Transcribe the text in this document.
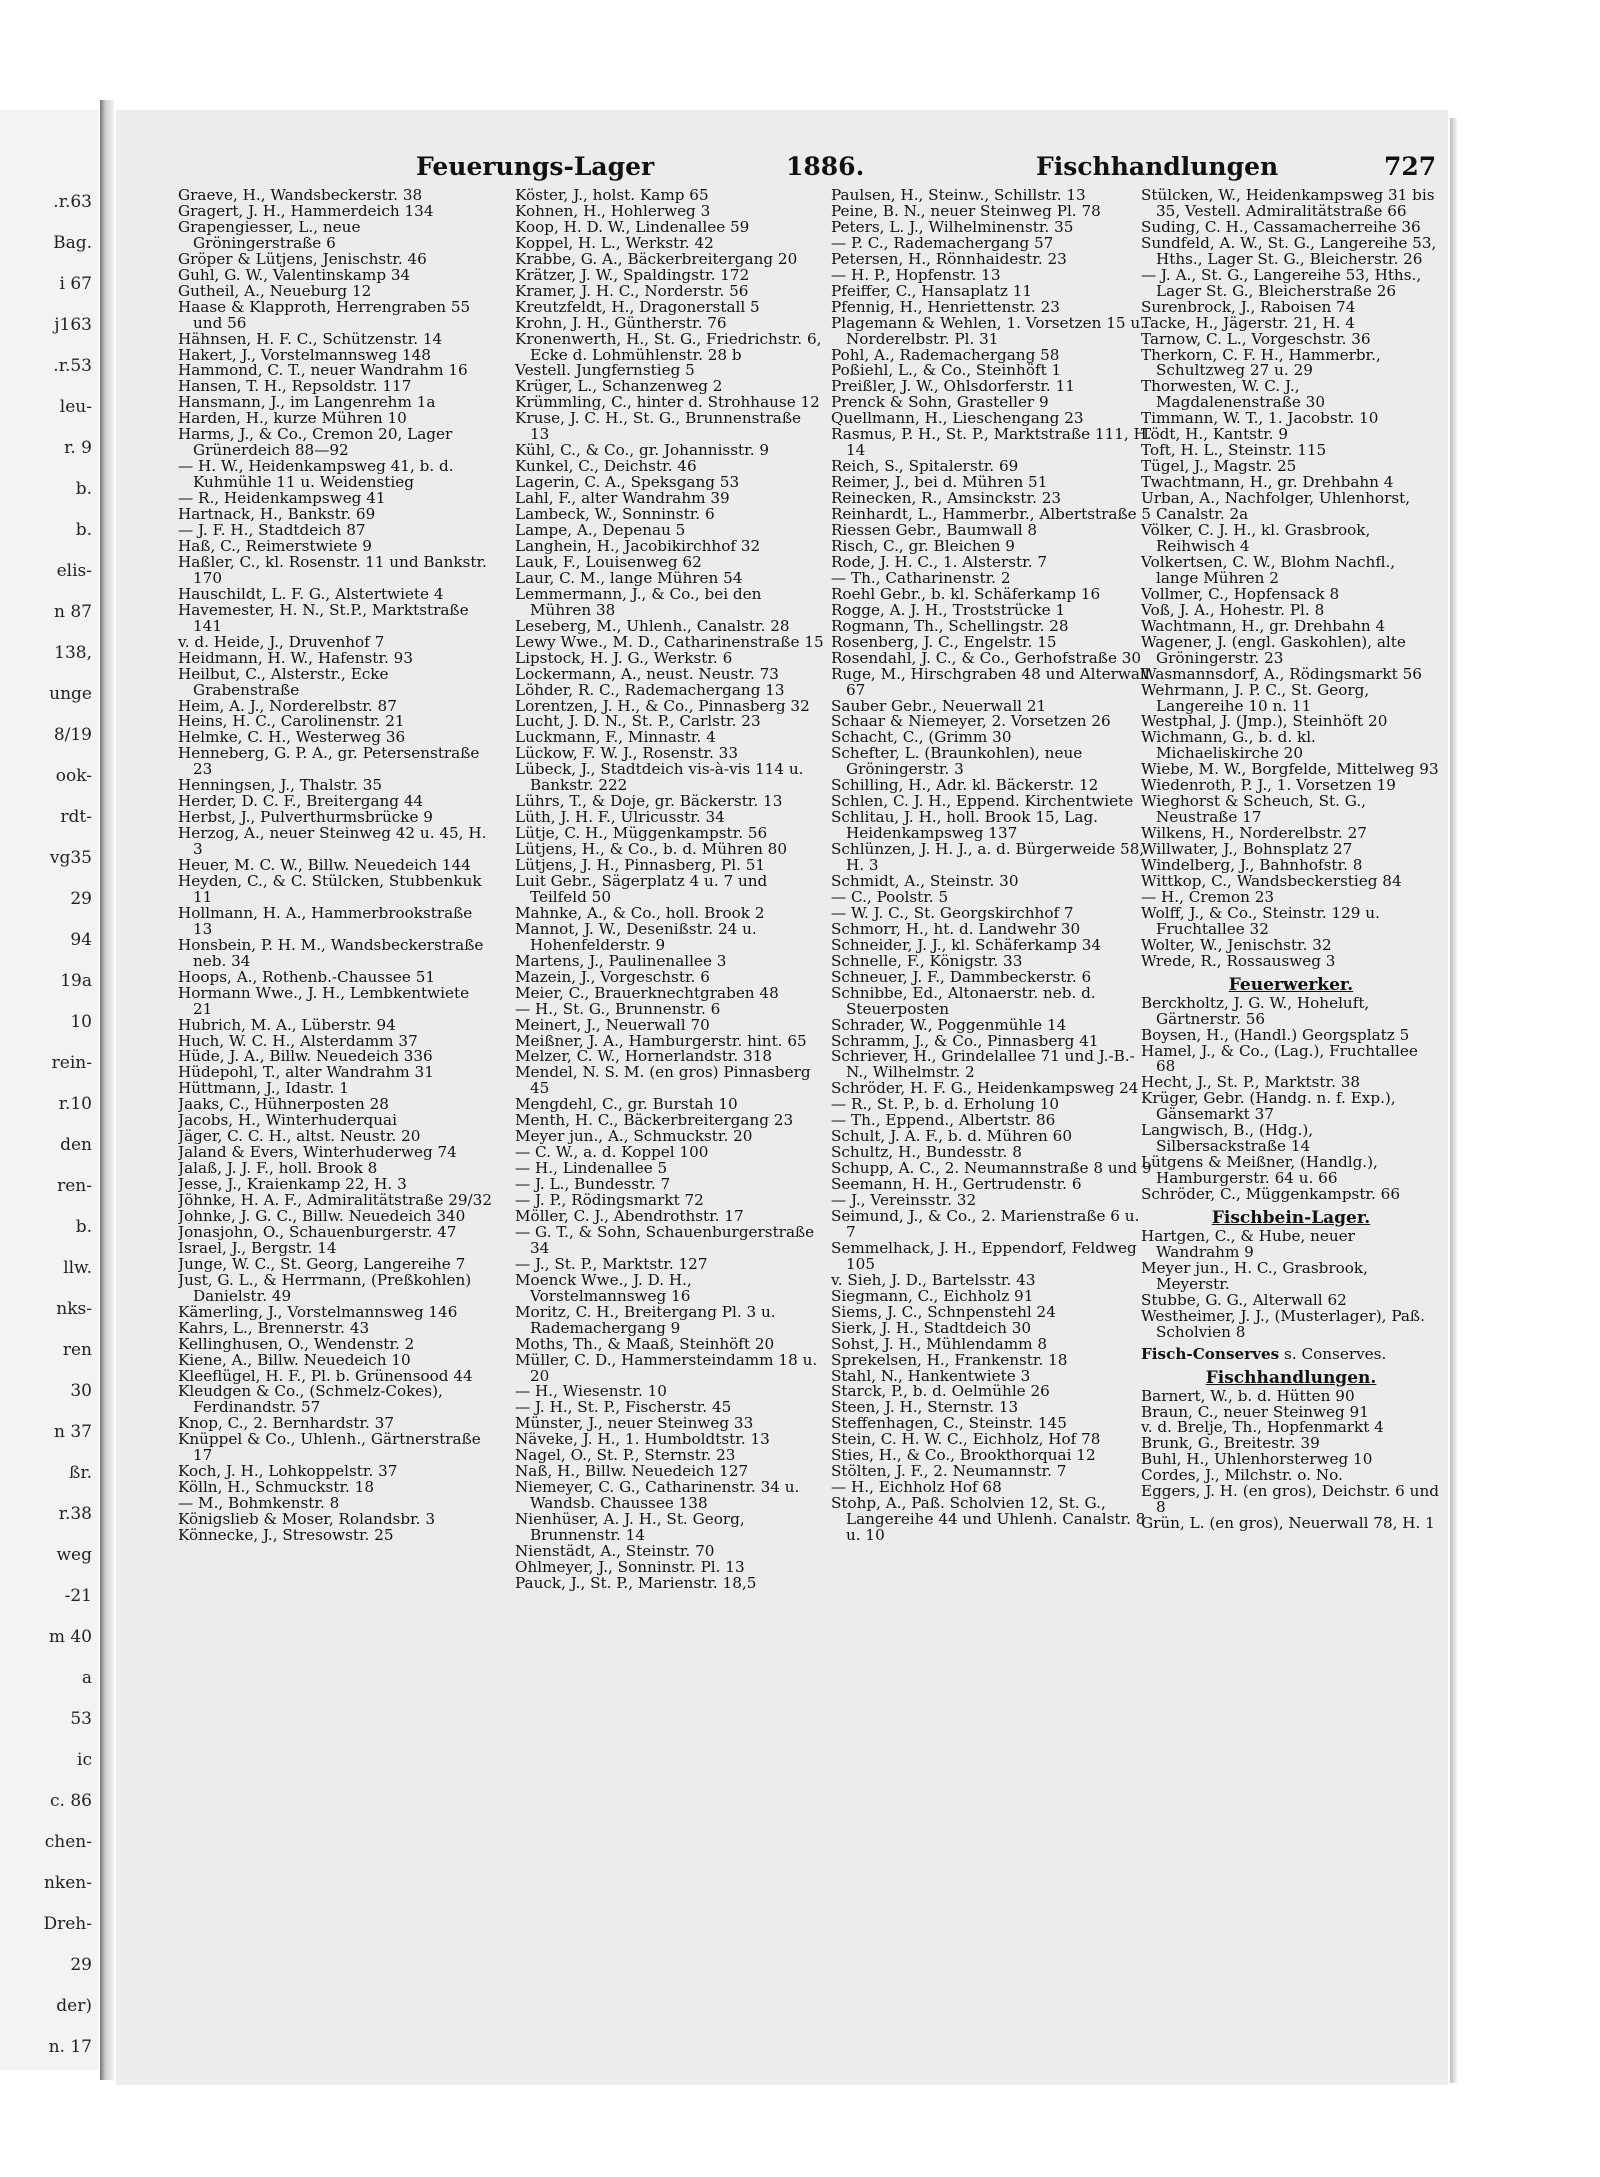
.r.63
Bag.
i 67
j163
.r.53
leu-
r. 9
b.
b.
elis-
n 87
138,
unge
8/19
ook-
rdt-
vg35
29
94
19a
10
rein-
r.10
den
ren-
b.
llw.
nks-
ren
30
n 37
ßr.
r.38
weg
-21
m 40
a
53
ic
c. 86
chen-
nken-
Dreh-
29
der)
n. 17
Feuerungs-Lager	1886.	Fischhandlungen	727
Graeve, H., Wandsbeckerstr. 38
Gragert, J. H., Hammerdeich 134
Grapengiesser, L., neue Gröningerstraße 6
Gröper & Lütjens, Jenischstr. 46
Guhl, G. W., Valentinskamp 34
Gutheil, A., Neueburg 12
Haase & Klapproth, Herrengraben 55 und 56
Hähnsen, H. F. C., Schützenstr. 14
Hakert, J., Vorstelmannsweg 148
Hammond, C. T., neuer Wandrahm 16
Hansen, T. H., Repsoldstr. 117
Hansmann, J., im Langenrehm 1a
Harden, H., kurze Mühren 10
Harms, J., & Co., Cremon 20, Lager Grünerdeich 88—92
— H. W., Heidenkampsweg 41, b. d. Kuhmühle 11 u. Weidenstieg
— R., Heidenkampsweg 41
Hartnack, H., Bankstr. 69
— J. F. H., Stadtdeich 87
Haß, C., Reimerstwiete 9
Haßler, C., kl. Rosenstr. 11 und Bankstr. 170
Hauschildt, L. F. G., Alstertwiete 4
Havemester, H. N., St.P., Marktstraße 141
v. d. Heide, J., Druvenhof 7
Heidmann, H. W., Hafenstr. 93
Heilbut, C., Alsterstr., Ecke Grabenstraße
Heim, A. J., Norderelbstr. 87
Heins, H. C., Carolinenstr. 21
Helmke, C. H., Westerweg 36
Henneberg, G. P. A., gr. Petersenstraße 23
Henningsen, J., Thalstr. 35
Herder, D. C. F., Breitergang 44
Herbst, J., Pulverthurmsbrücke 9
Herzog, A., neuer Steinweg 42 u. 45, H. 3
Heuer, M. C. W., Billw. Neuedeich 144
Heyden, C., & C. Stülcken, Stubbenkuk 11
Hollmann, H. A., Hammerbrookstraße 13
Honsbein, P. H. M., Wandsbeckerstraße neb. 34
Hoops, A., Rothenb.-Chaussee 51
Hormann Wwe., J. H., Lembkentwiete 21
Hubrich, M. A., Lüberstr. 94
Huch, W. C. H., Alsterdamm 37
Hüde, J. A., Billw. Neuedeich 336
Hüdepohl, T., alter Wandrahm 31
Hüttmann, J., Idastr. 1
Jaaks, C., Hühnerposten 28
Jacobs, H., Winterhuderquai
Jäger, C. C. H., altst. Neustr. 20
Jaland & Evers, Winterhuderweg 74
Jalaß, J. J. F., holl. Brook 8
Jesse, J., Kraienkamp 22, H. 3
Jöhnke, H. A. F., Admiralitätstraße 29/32
Johnke, J. G. C., Billw. Neuedeich 340
Jonasjohn, O., Schauenburgerstr. 47
Israel, J., Bergstr. 14
Junge, W. C., St. Georg, Langereihe 7
Just, G. L., & Herrmann, (Preßkohlen) Danielstr. 49
Kämerling, J., Vorstelmannsweg 146
Kahrs, L., Brennerstr. 43
Kellinghusen, O., Wendenstr. 2
Kiene, A., Billw. Neuedeich 10
Kleeflügel, H. F., Pl. b. Grünensood 44
Kleudgen & Co., (Schmelz-Cokes), Ferdinandstr. 57
Knop, C., 2. Bernhardstr. 37
Knüppel & Co., Uhlenh., Gärtnerstraße 17
Koch, J. H., Lohkoppelstr. 37
Kölln, H., Schmuckstr. 18
— M., Bohmkenstr. 8
Königslieb & Moser, Rolandsbr. 3
Könnecke, J., Stresowstr. 25
Köster, J., holst. Kamp 65
Kohnen, H., Hohlerweg 3
Koop, H. D. W., Lindenallee 59
Koppel, H. L., Werkstr. 42
Krabbe, G. A., Bäckerbreitergang 20
Krätzer, J. W., Spaldingstr. 172
Kramer, J. H. C., Norderstr. 56
Kreutzfeldt, H., Dragonerstall 5
Krohn, J. H., Güntherstr. 76
Kronenwerth, H., St. G., Friedrichstr. 6, Ecke d. Lohmühlenstr. 28 b
Vestell. Jungfernstieg 5
Krüger, L., Schanzenweg 2
Krümmling, C., hinter d. Strohhause 12
Kruse, J. C. H., St. G., Brunnenstraße 13
Kühl, C., & Co., gr. Johannisstr. 9
Kunkel, C., Deichstr. 46
Lagerin, C. A., Speksgang 53
Lahl, F., alter Wandrahm 39
Lambeck, W., Sonninstr. 6
Lampe, A., Depenau 5
Langhein, H., Jacobikirchhof 32
Lauk, F., Louisenweg 62
Laur, C. M., lange Mühren 54
Lemmermann, J., & Co., bei den Mühren 38
Leseberg, M., Uhlenh., Canalstr. 28
Lewy Wwe., M. D., Catharinenstraße 15
Lipstock, H. J. G., Werkstr. 6
Lockermann, A., neust. Neustr. 73
Löhder, R. C., Rademachergang 13
Lorentzen, J. H., & Co., Pinnasberg 32
Lucht, J. D. N., St. P., Carlstr. 23
Luckmann, F., Minnastr. 4
Lückow, F. W. J., Rosenstr. 33
Lübeck, J., Stadtdeich vis-à-vis 114 u. Bankstr. 222
Lührs, T., & Doje, gr. Bäckerstr. 13
Lüth, J. H. F., Ulricusstr. 34
Lütje, C. H., Müggenkampstr. 56
Lütjens, H., & Co., b. d. Mühren 80
Lütjens, J. H., Pinnasberg, Pl. 51
Luit Gebr., Sägerplatz 4 u. 7 und Teilfeld 50
Mahnke, A., & Co., holl. Brook 2
Mannot, J. W., Desenißstr. 24 u. Hohenfelderstr. 9
Martens, J., Paulinenallee 3
Mazein, J., Vorgeschstr. 6
Meier, C., Brauerknechtgraben 48
— H., St. G., Brunnenstr. 6
Meinert, J., Neuerwall 70
Meißner, J. A., Hamburgerstr. hint. 65
Melzer, C. W., Hornerlandstr. 318
Mendel, N. S. M. (en gros) Pinnasberg 45
Mengdehl, C., gr. Burstah 10
Menth, H. C., Bäckerbreitergang 23
Meyer jun., A., Schmuckstr. 20
— C. W., a. d. Koppel 100
— H., Lindenallee 5
— J. L., Bundesstr. 7
— J. P., Rödingsmarkt 72
Möller, C. J., Abendrothstr. 17
— G. T., & Sohn, Schauenburgerstraße 34
— J., St. P., Marktstr. 127
Moenck Wwe., J. D. H., Vorstelmannsweg 16
Moritz, C. H., Breitergang Pl. 3 u. Rademachergang 9
Moths, Th., & Maaß, Steinhöft 20
Müller, C. D., Hammersteindamm 18 u. 20
— H., Wiesenstr. 10
— J. H., St. P., Fischerstr. 45
Münster, J., neuer Steinweg 33
Näveke, J. H., 1. Humboldtstr. 13
Nagel, O., St. P., Sternstr. 23
Naß, H., Billw. Neuedeich 127
Niemeyer, C. G., Catharinenstr. 34 u. Wandsb. Chaussee 138
Nienhüser, A. J. H., St. Georg, Brunnenstr. 14
Nienstädt, A., Steinstr. 70
Ohlmeyer, J., Sonninstr. Pl. 13
Pauck, J., St. P., Marienstr. 18,5
Paulsen, H., Steinw., Schillstr. 13
Peine, B. N., neuer Steinweg Pl. 78
Peters, L. J., Wilhelminenstr. 35
— P. C., Rademachergang 57
Petersen, H., Rönnhaidestr. 23
— H. P., Hopfenstr. 13
Pfeiffer, C., Hansaplatz 11
Pfennig, H., Henriettenstr. 23
Plagemann & Wehlen, 1. Vorsetzen 15 u. Norderelbstr. Pl. 31
Pohl, A., Rademachergang 58
Poßiehl, L., & Co., Steinhöft 1
Preißler, J. W., Ohlsdorferstr. 11
Prenck & Sohn, Grasteller 9
Quellmann, H., Lieschengang 23
Rasmus, P. H., St. P., Marktstraße 111, H. 14
Reich, S., Spitalerstr. 69
Reimer, J., bei d. Mühren 51
Reinecken, R., Amsinckstr. 23
Reinhardt, L., Hammerbr., Albertstraße 5
Riessen Gebr., Baumwall 8
Risch, C., gr. Bleichen 9
Rode, J. H. C., 1. Alsterstr. 7
— Th., Catharinenstr. 2
Roehl Gebr., b. kl. Schäferkamp 16
Rogge, A. J. H., Troststrücke 1
Rogmann, Th., Schellingstr. 28
Rosenberg, J. C., Engelstr. 15
Rosendahl, J. C., & Co., Gerhofstraße 30
Ruge, M., Hirschgraben 48 und Alterwall 67
Sauber Gebr., Neuerwall 21
Schaar & Niemeyer, 2. Vorsetzen 26
Schacht, C., (Grimm 30
Schefter, L. (Braunkohlen), neue Gröningerstr. 3
Schilling, H., Adr. kl. Bäckerstr. 12
Schlen, C. J. H., Eppend. Kirchentwiete
Schlitau, J. H., holl. Brook 15, Lag. Heidenkampsweg 137
Schlünzen, J. H. J., a. d. Bürgerweide 58, H. 3
Schmidt, A., Steinstr. 30
— C., Poolstr. 5
— W. J. C., St. Georgskirchhof 7
Schmorr, H., ht. d. Landwehr 30
Schneider, J. J., kl. Schäferkamp 34
Schnelle, F., Königstr. 33
Schneuer, J. F., Dammbeckerstr. 6
Schnibbe, Ed., Altonaerstr. neb. d. Steuerposten
Schrader, W., Poggenmühle 14
Schramm, J., & Co., Pinnasberg 41
Schriever, H., Grindelallee 71 und J.-B.-N., Wilhelmstr. 2
Schröder, H. F. G., Heidenkampsweg 24
— R., St. P., b. d. Erholung 10
— Th., Eppend., Albertstr. 86
Schult, J. A. F., b. d. Mühren 60
Schultz, H., Bundesstr. 8
Schupp, A. C., 2. Neumannstraße 8 und 9
Seemann, H. H., Gertrudenstr. 6
— J., Vereinsstr. 32
Seimund, J., & Co., 2. Marienstraße 6 u. 7
Semmelhack, J. H., Eppendorf, Feldweg 105
v. Sieh, J. D., Bartelsstr. 43
Siegmann, C., Eichholz 91
Siems, J. C., Schnpenstehl 24
Sierk, J. H., Stadtdeich 30
Sohst, J. H., Mühlendamm 8
Sprekelsen, H., Frankenstr. 18
Stahl, N., Hankentwiete 3
Starck, P., b. d. Oelmühle 26
Steen, J. H., Sternstr. 13
Steffenhagen, C., Steinstr. 145
Stein, C. H. W. C., Eichholz, Hof 78
Sties, H., & Co., Brookthorquai 12
Stölten, J. F., 2. Neumannstr. 7
— H., Eichholz Hof 68
Stohp, A., Paß. Scholvien 12, St. G., Langereihe 44 und Uhlenh. Canalstr. 8 u. 10
Stülcken, W., Heidenkampsweg 31 bis 35, Vestell. Admiralitätstraße 66
Suding, C. H., Cassamacherreihe 36
Sundfeld, A. W., St. G., Langereihe 53, Hths., Lager St. G., Bleicherstr. 26
— J. A., St. G., Langereihe 53, Hths., Lager St. G., Bleicherstraße 26
Surenbrock, J., Raboisen 74
Tacke, H., Jägerstr. 21, H. 4
Tarnow, C. L., Vorgeschstr. 36
Therkorn, C. F. H., Hammerbr., Schultzweg 27 u. 29
Thorwesten, W. C. J., Magdalenenstraße 30
Timmann, W. T., 1. Jacobstr. 10
Tödt, H., Kantstr. 9
Toft, H. L., Steinstr. 115
Tügel, J., Magstr. 25
Twachtmann, H., gr. Drehbahn 4
Urban, A., Nachfolger, Uhlenhorst, Canalstr. 2a
Völker, C. J. H., kl. Grasbrook, Reihwisch 4
Volkertsen, C. W., Blohm Nachfl., lange Mühren 2
Vollmer, C., Hopfensack 8
Voß, J. A., Hohestr. Pl. 8
Wachtmann, H., gr. Drehbahn 4
Wagener, J. (engl. Gaskohlen), alte Gröningerstr. 23
Wasmannsdorf, A., Rödingsmarkt 56
Wehrmann, J. P. C., St. Georg, Langereihe 10 n. 11
Westphal, J. (Jmp.), Steinhöft 20
Wichmann, G., b. d. kl. Michaeliskirche 20
Wiebe, M. W., Borgfelde, Mittelweg 93
Wiedenroth, P. J., 1. Vorsetzen 19
Wieghorst & Scheuch, St. G., Neustraße 17
Wilkens, H., Norderelbstr. 27
Willwater, J., Bohnsplatz 27
Windelberg, J., Bahnhofstr. 8
Wittkop, C., Wandsbeckerstieg 84
— H., Cremon 23
Wolff, J., & Co., Steinstr. 129 u. Fruchtallee 32
Wolter, W., Jenischstr. 32
Wrede, R., Rossausweg 3
Feuerwerker.
Berckholtz, J. G. W., Hoheluft, Gärtnerstr. 56
Boysen, H., (Handl.) Georgsplatz 5
Hamel, J., & Co., (Lag.), Fruchtallee 68
Hecht, J., St. P., Marktstr. 38
Krüger, Gebr. (Handg. n. f. Exp.), Gänsemarkt 37
Langwisch, B., (Hdg.), Silbersackstraße 14
Lütgens & Meißner, (Handlg.), Hamburgerstr. 64 u. 66
Schröder, C., Müggenkampstr. 66
Fischbein-Lager.
Hartgen, C., & Hube, neuer Wandrahm 9
Meyer jun., H. C., Grasbrook, Meyerstr.
Stubbe, G. G., Alterwall 62
Westheimer, J. J., (Musterlager), Paß. Scholvien 8
Fisch-Conserves s. Conserves.
Fischhandlungen.
Barnert, W., b. d. Hütten 90
Braun, C., neuer Steinweg 91
v. d. Brelje, Th., Hopfenmarkt 4
Brunk, G., Breitestr. 39
Buhl, H., Uhlenhorsterweg 10
Cordes, J., Milchstr. o. No.
Eggers, J. H. (en gros), Deichstr. 6 und 8
Grün, L. (en gros), Neuerwall 78, H. 1
